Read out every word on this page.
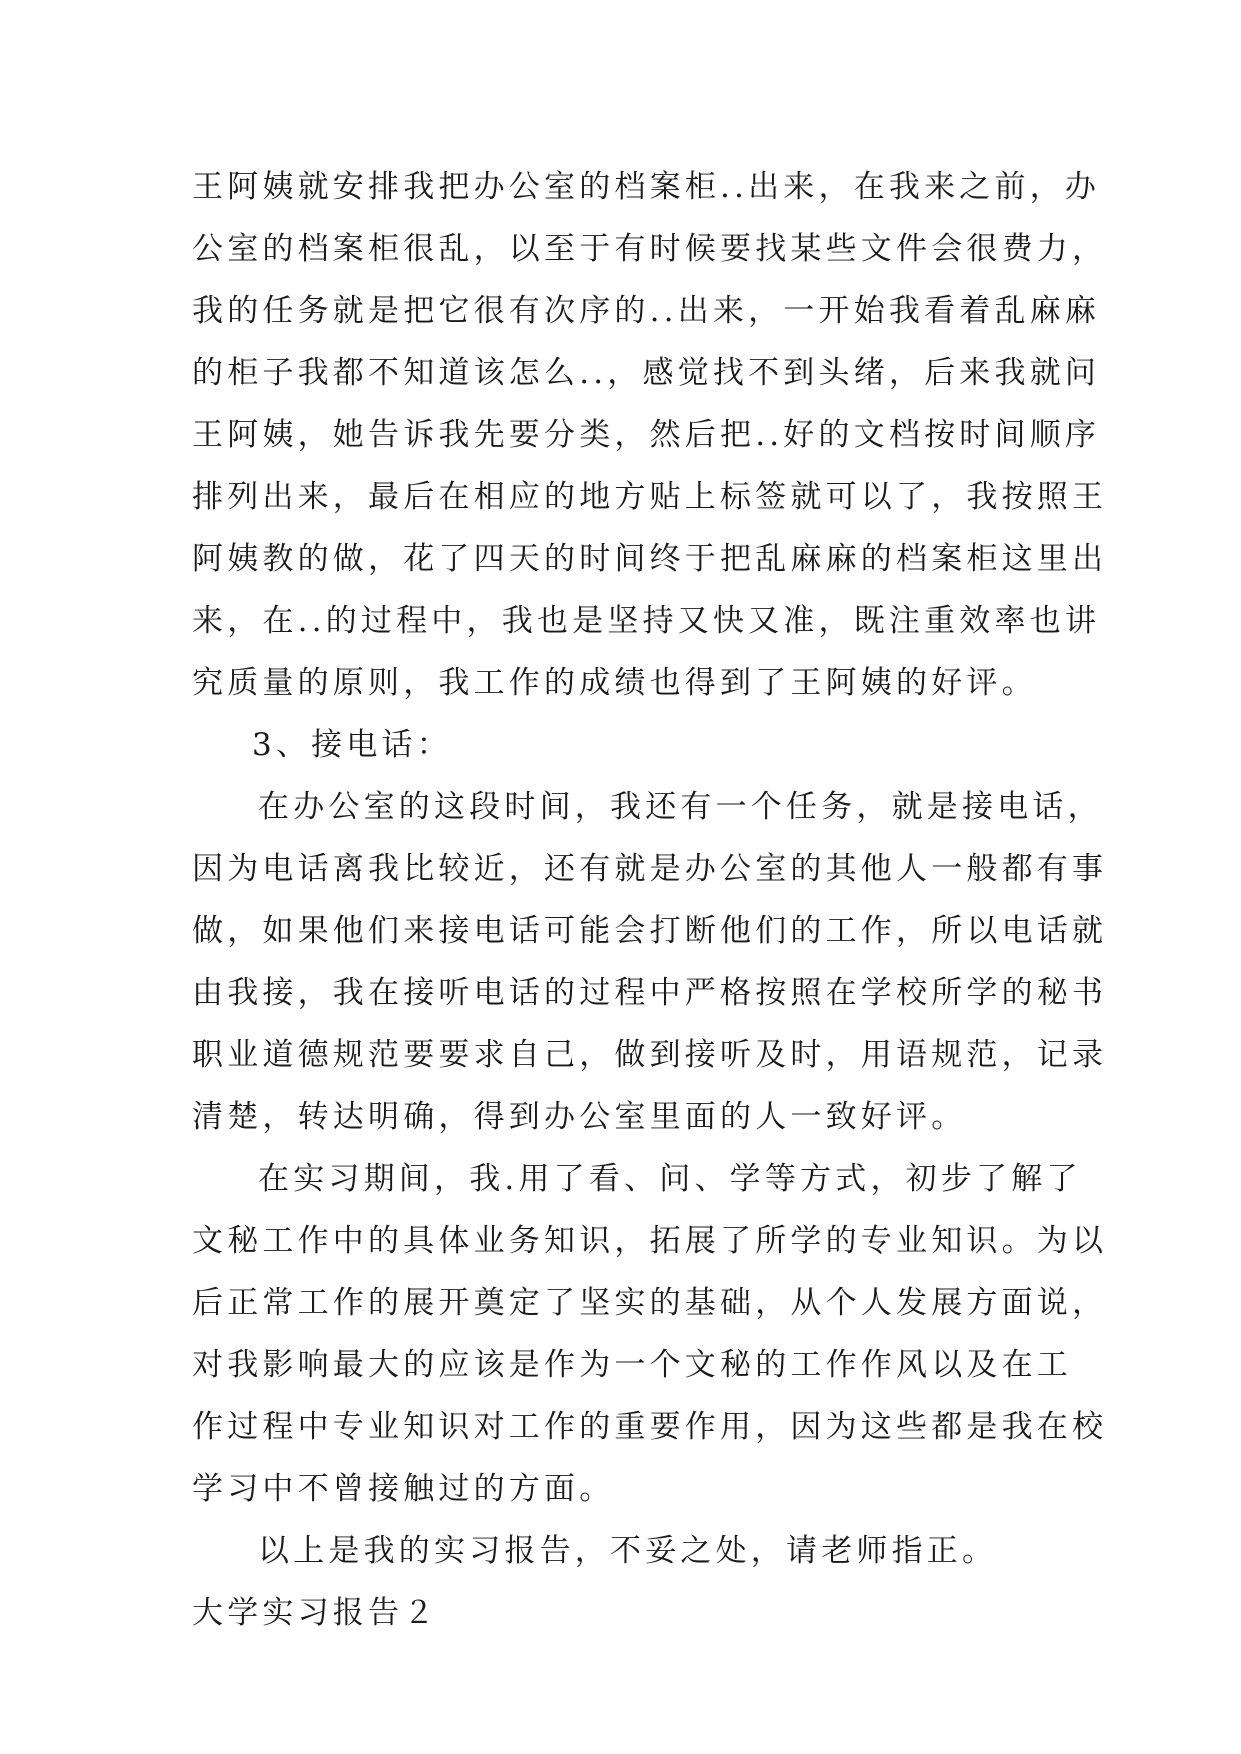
王阿姨就安排我把办公室的档案柜..出来，在我来之前，办
公室的档案柜很乱，以至于有时候要找某些文件会很费力，
我的任务就是把它很有次序的..出来，一开始我看着乱麻麻
的柜子我都不知道该怎么..，感觉找不到头绪，后来我就问
王阿姨，她告诉我先要分类，然后把..好的文档按时间顺序
排列出来，最后在相应的地方贴上标签就可以了，我按照王
阿姨教的做，花了四天的时间终于把乱麻麻的档案柜这里出
来，在..的过程中，我也是坚持又快又准，既注重效率也讲
究质量的原则，我工作的成绩也得到了王阿姨的好评。
3、接电话：
在办公室的这段时间，我还有一个任务，就是接电话，
因为电话离我比较近，还有就是办公室的其他人一般都有事
做，如果他们来接电话可能会打断他们的工作，所以电话就
由我接，我在接听电话的过程中严格按照在学校所学的秘书
职业道德规范要要求自己，做到接听及时，用语规范，记录
清楚，转达明确，得到办公室里面的人一致好评。
在实习期间，我.用了看、问、学等方式，初步了解了
文秘工作中的具体业务知识，拓展了所学的专业知识。为以
后正常工作的展开奠定了坚实的基础，从个人发展方面说，
对我影响最大的应该是作为一个文秘的工作作风以及在工
作过程中专业知识对工作的重要作用，因为这些都是我在校
学习中不曾接触过的方面。
以上是我的实习报告，不妥之处，请老师指正。
大学实习报告２
